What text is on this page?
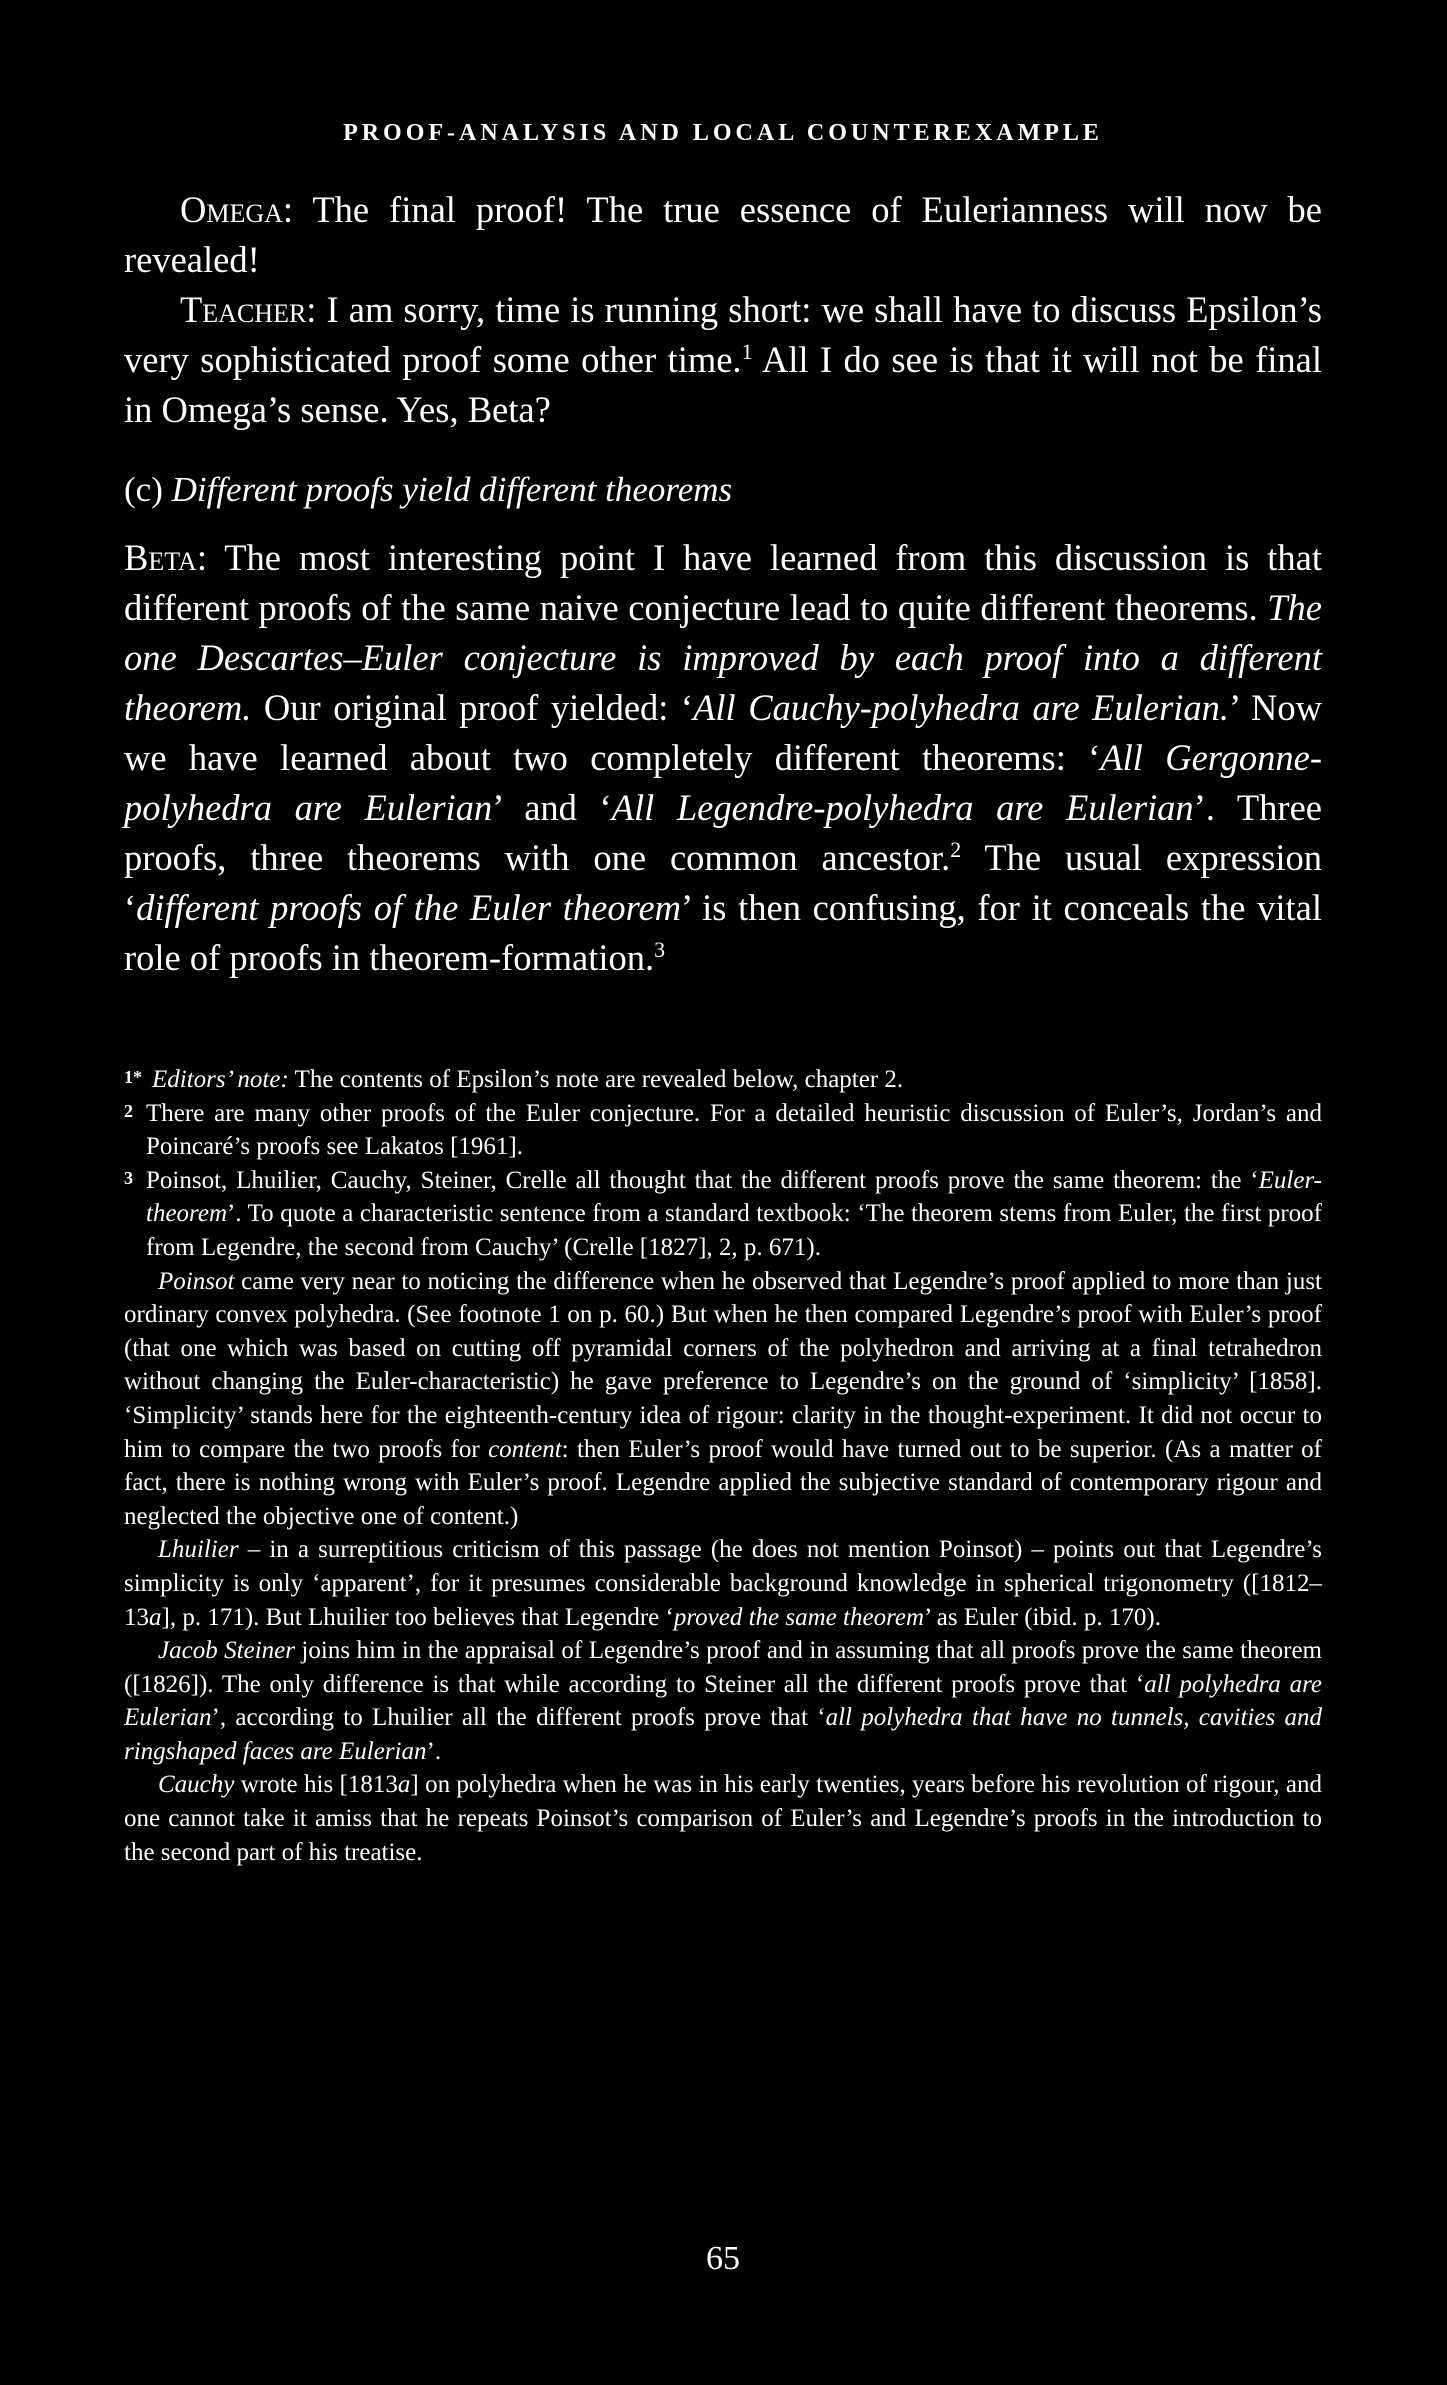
PROOF-ANALYSIS AND LOCAL COUNTEREXAMPLE

Omega: The final proof! The true essence of Eulerianness will now be revealed!

Teacher: I am sorry, time is running short: we shall have to discuss Epsilon’s very sophisticated proof some other time.$^1$ All I do see is that it will not be final in Omega’s sense. Yes, Beta?

(c) Different proofs yield different theorems

Beta: The most interesting point I have learned from this discussion is that different proofs of the same naive conjecture lead to quite different theorems. The one Descartes–Euler conjecture is improved by each proof into a different theorem. Our original proof yielded: ‘All Cauchy-polyhedra are Eulerian.’ Now we have learned about two completely different theorems: ‘All Gergonne-polyhedra are Eulerian’ and ‘All Legendre-polyhedra are Eulerian’. Three proofs, three theorems with one common ancestor.$^2$ The usual expression ‘different proofs of the Euler theorem’ is then confusing, for it conceals the vital role of proofs in theorem-formation.$^3$

1* Editors’ note: The contents of Epsilon’s note are revealed below, chapter 2.

2 There are many other proofs of the Euler conjecture. For a detailed heuristic discussion of Euler’s, Jordan’s and Poincaré’s proofs see Lakatos [1961].

3 Poinsot, Lhuilier, Cauchy, Steiner, Crelle all thought that the different proofs prove the same theorem: the ‘Euler-theorem’. To quote a characteristic sentence from a standard textbook: ‘The theorem stems from Euler, the first proof from Legendre, the second from Cauchy’ (Crelle [1827], 2, p. 671).

Poinsot came very near to noticing the difference when he observed that Legendre’s proof applied to more than just ordinary convex polyhedra. (See footnote 1 on p. 60.) But when he then compared Legendre’s proof with Euler’s proof (that one which was based on cutting off pyramidal corners of the polyhedron and arriving at a final tetrahedron without changing the Euler-characteristic) he gave preference to Legendre’s on the ground of ‘simplicity’ [1858]. ‘Simplicity’ stands here for the eighteenth-century idea of rigour: clarity in the thought-experiment. It did not occur to him to compare the two proofs for content: then Euler’s proof would have turned out to be superior. (As a matter of fact, there is nothing wrong with Euler’s proof. Legendre applied the subjective standard of contemporary rigour and neglected the objective one of content.)

Lhuilier – in a surreptitious criticism of this passage (he does not mention Poinsot) – points out that Legendre’s simplicity is only ‘apparent’, for it presumes considerable background knowledge in spherical trigonometry ([1812–13a], p. 171). But Lhuilier too believes that Legendre ‘proved the same theorem’ as Euler (ibid. p. 170).

Jacob Steiner joins him in the appraisal of Legendre’s proof and in assuming that all proofs prove the same theorem ([1826]). The only difference is that while according to Steiner all the different proofs prove that ‘all polyhedra are Eulerian’, according to Lhuilier all the different proofs prove that ‘all polyhedra that have no tunnels, cavities and ringshaped faces are Eulerian’.

Cauchy wrote his [1813a] on polyhedra when he was in his early twenties, years before his revolution of rigour, and one cannot take it amiss that he repeats Poinsot’s comparison of Euler’s and Legendre’s proofs in the introduction to the second part of his treatise.

65
